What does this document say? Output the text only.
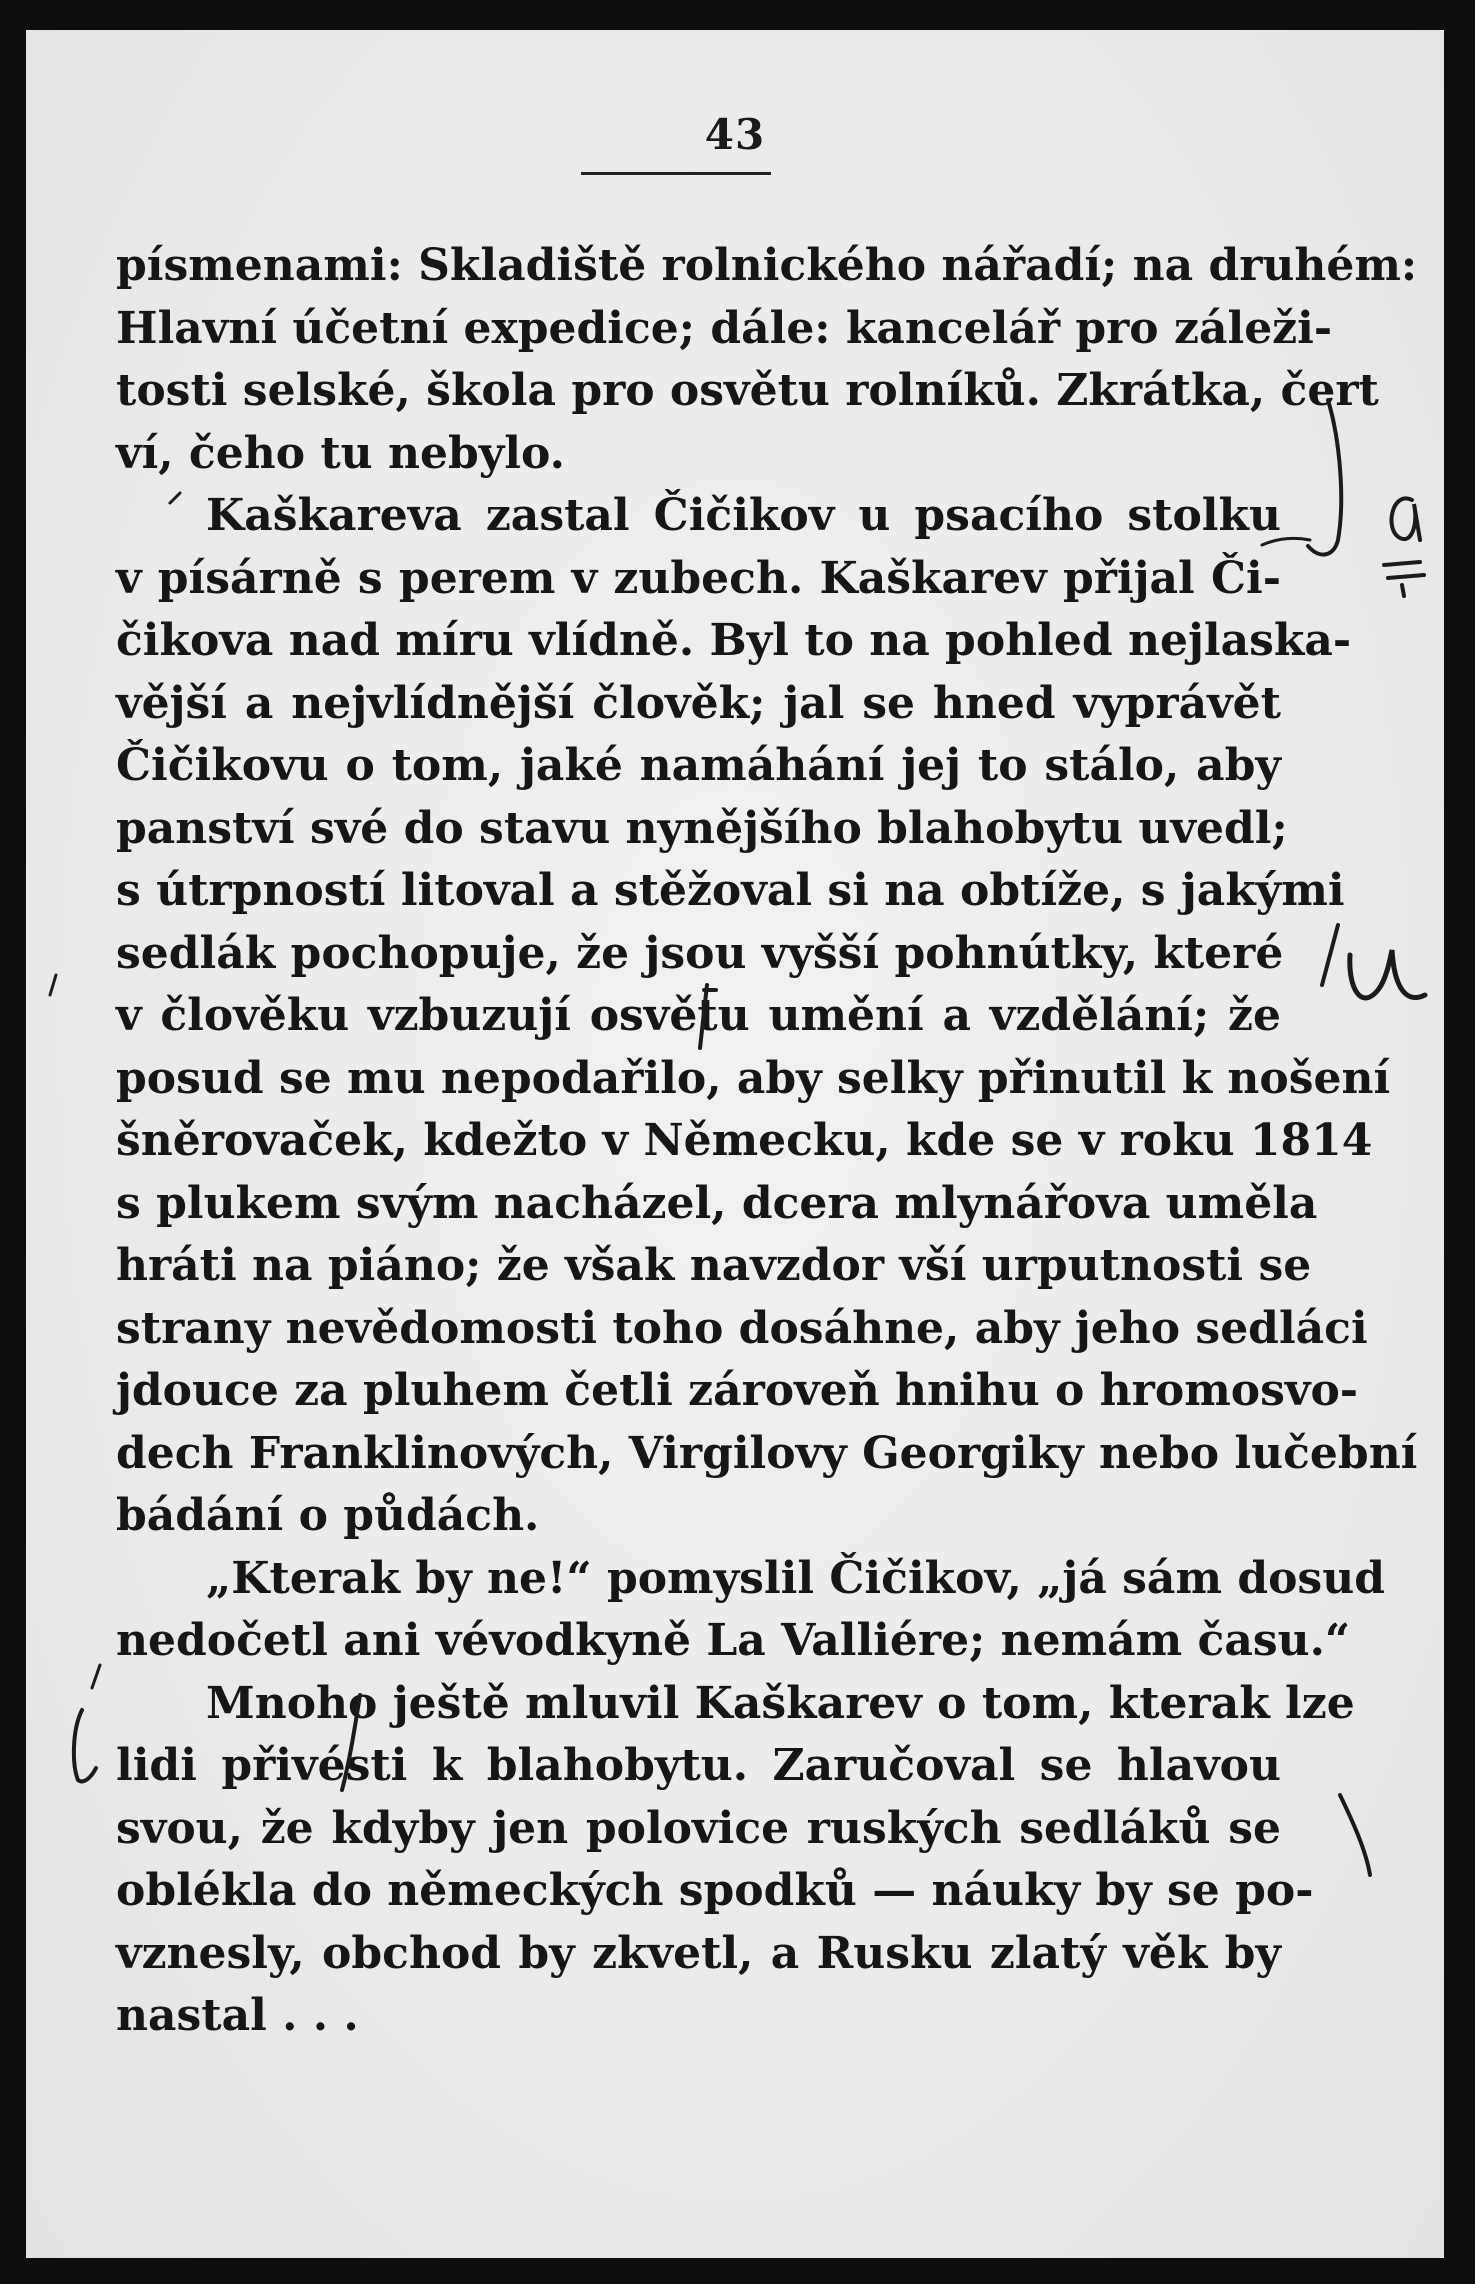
43
písmenami: Skladiště rolnického nářadí; na druhém:
Hlavní účetní expedice; dále: kancelář pro záleži-
tosti selské, škola pro osvětu rolníků. Zkrátka, čert
ví, čeho tu nebylo.
Kaškareva zastal Čičikov u psacího stolku
v písárně s perem v zubech. Kaškarev přijal Či-
čikova nad míru vlídně. Byl to na pohled nejlaska-
vější a nejvlídnější člověk; jal se hned vyprávět
Čičikovu o tom, jaké namáhání jej to stálo, aby
panství své do stavu nynějšího blahobytu uvedl;
s útrpností litoval a stěžoval si na obtíže, s jakými
sedlák pochopuje, že jsou vyšší pohnútky, které
v člověku vzbuzují osvětu umění a vzdělání; že
posud se mu nepodařilo, aby selky přinutil k nošení
šněrovaček, kdežto v Německu, kde se v roku 1814
s plukem svým nacházel, dcera mlynářova uměla
hráti na piáno; že však navzdor vší urputnosti se
strany nevědomosti toho dosáhne, aby jeho sedláci
jdouce za pluhem četli zároveň hnihu o hromosvo-
dech Franklinových, Virgilovy Georgiky nebo lučební
bádání o půdách.
„Kterak by ne!“ pomyslil Čičikov, „já sám dosud
nedočetl ani vévodkyně La Valliére; nemám času.“
Mnoho ještě mluvil Kaškarev o tom, kterak lze
lidi přivésti k blahobytu. Zaručoval se hlavou
svou, že kdyby jen polovice ruských sedláků se
oblékla do německých spodků — náuky by se po-
vznesly, obchod by zkvetl, a Rusku zlatý věk by
nastal . . .
